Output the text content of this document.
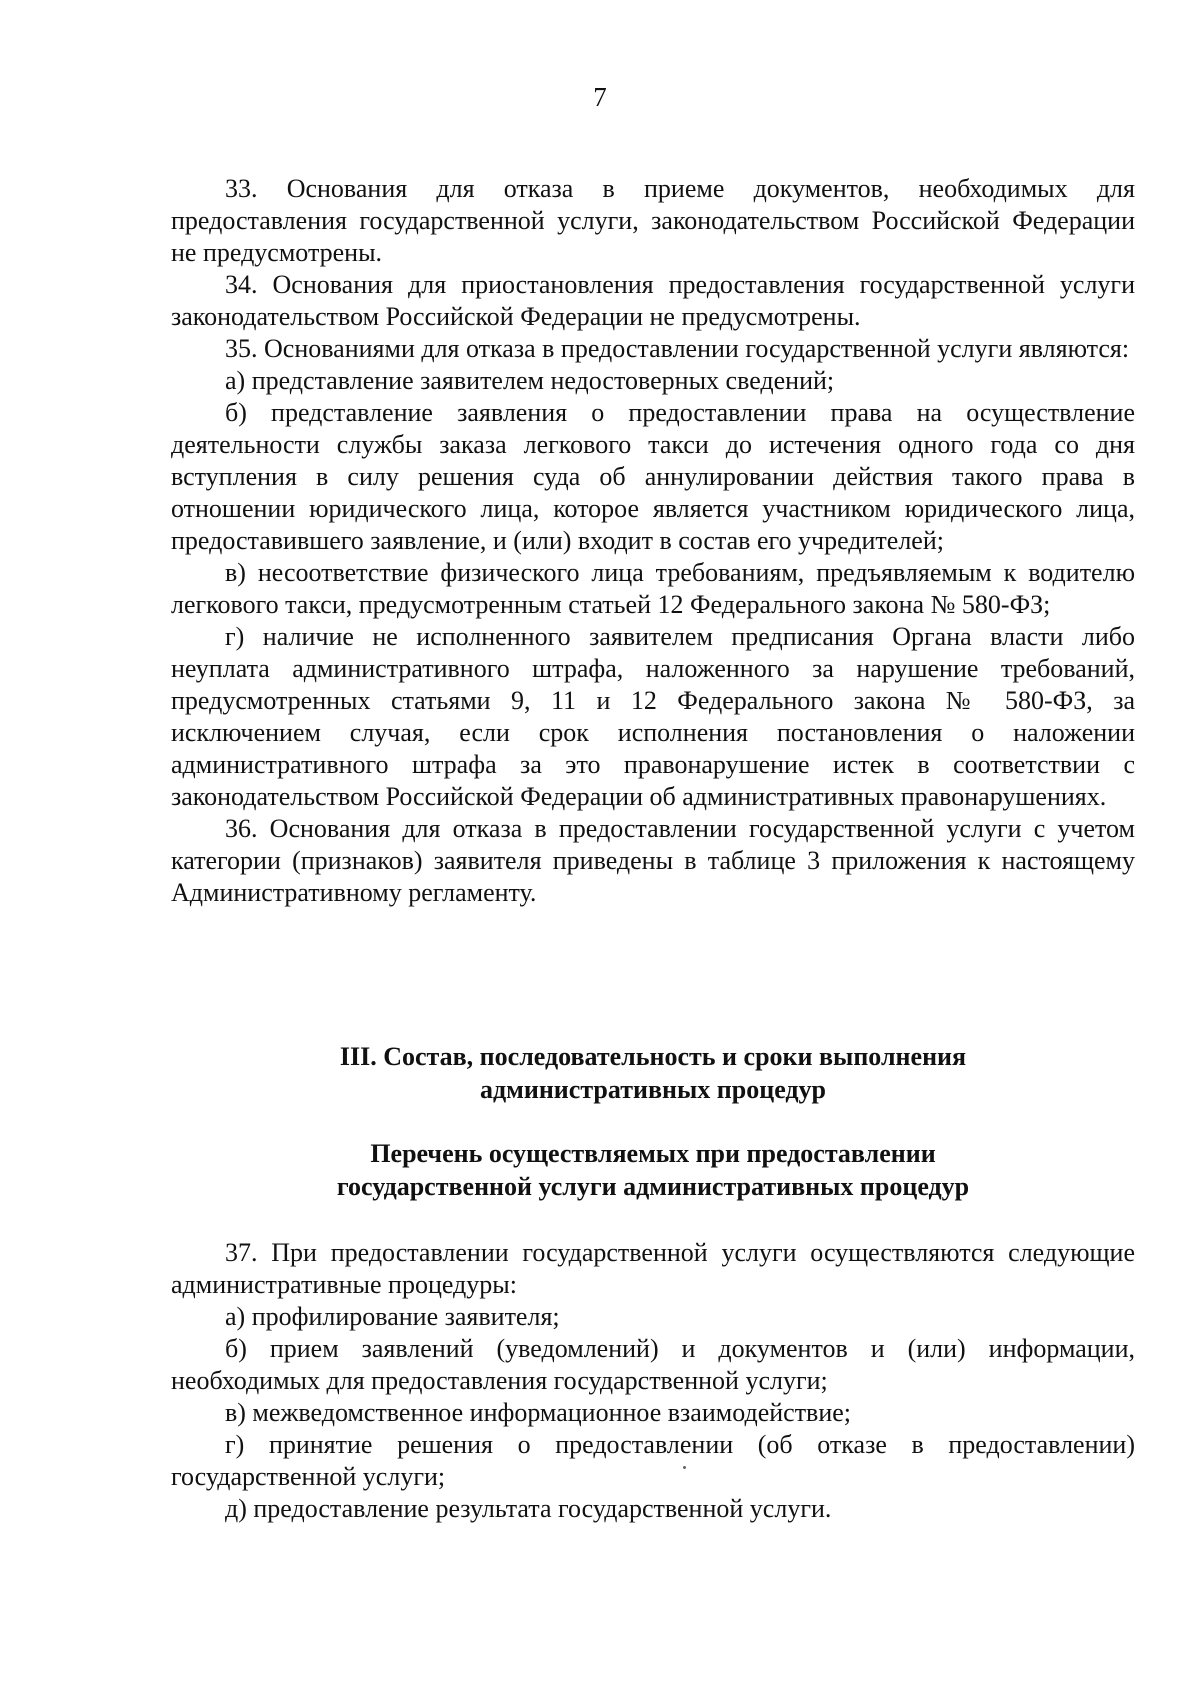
7

33. Основания для отказа в приеме документов, необходимых для предоставления государственной услуги, законодательством Российской Федерации не предусмотрены.

34. Основания для приостановления предоставления государственной услуги законодательством Российской Федерации не предусмотрены.

35. Основаниями для отказа в предоставлении государственной услуги являются:

а) представление заявителем недостоверных сведений;

б) представление заявления о предоставлении права на осуществление деятельности службы заказа легкового такси до истечения одного года со дня вступления в силу решения суда об аннулировании действия такого права в отношении юридического лица, которое является участником юридического лица, предоставившего заявление, и (или) входит в состав его учредителей;

в) несоответствие физического лица требованиям, предъявляемым к водителю легкового такси, предусмотренным статьей 12 Федерального закона № 580-ФЗ;

г) наличие не исполненного заявителем предписания Органа власти либо неуплата административного штрафа, наложенного за нарушение требований, предусмотренных статьями 9, 11 и 12 Федерального закона № 580-ФЗ, за исключением случая, если срок исполнения постановления о наложении административного штрафа за это правонарушение истек в соответствии с законодательством Российской Федерации об административных правонарушениях.

36. Основания для отказа в предоставлении государственной услуги с учетом категории (признаков) заявителя приведены в таблице 3 приложения к настоящему Административному регламенту.

III. Состав, последовательность и сроки выполнения
административных процедур
Перечень осуществляемых при предоставлении
государственной услуги административных процедур

37. При предоставлении государственной услуги осуществляются следующие административные процедуры:

а) профилирование заявителя;

б) прием заявлений (уведомлений) и документов и (или) информации, необходимых для предоставления государственной услуги;

в) межведомственное информационное взаимодействие;

г) принятие решения о предоставлении (об отказе в предоставлении) государственной услуги;

д) предоставление результата государственной услуги.
